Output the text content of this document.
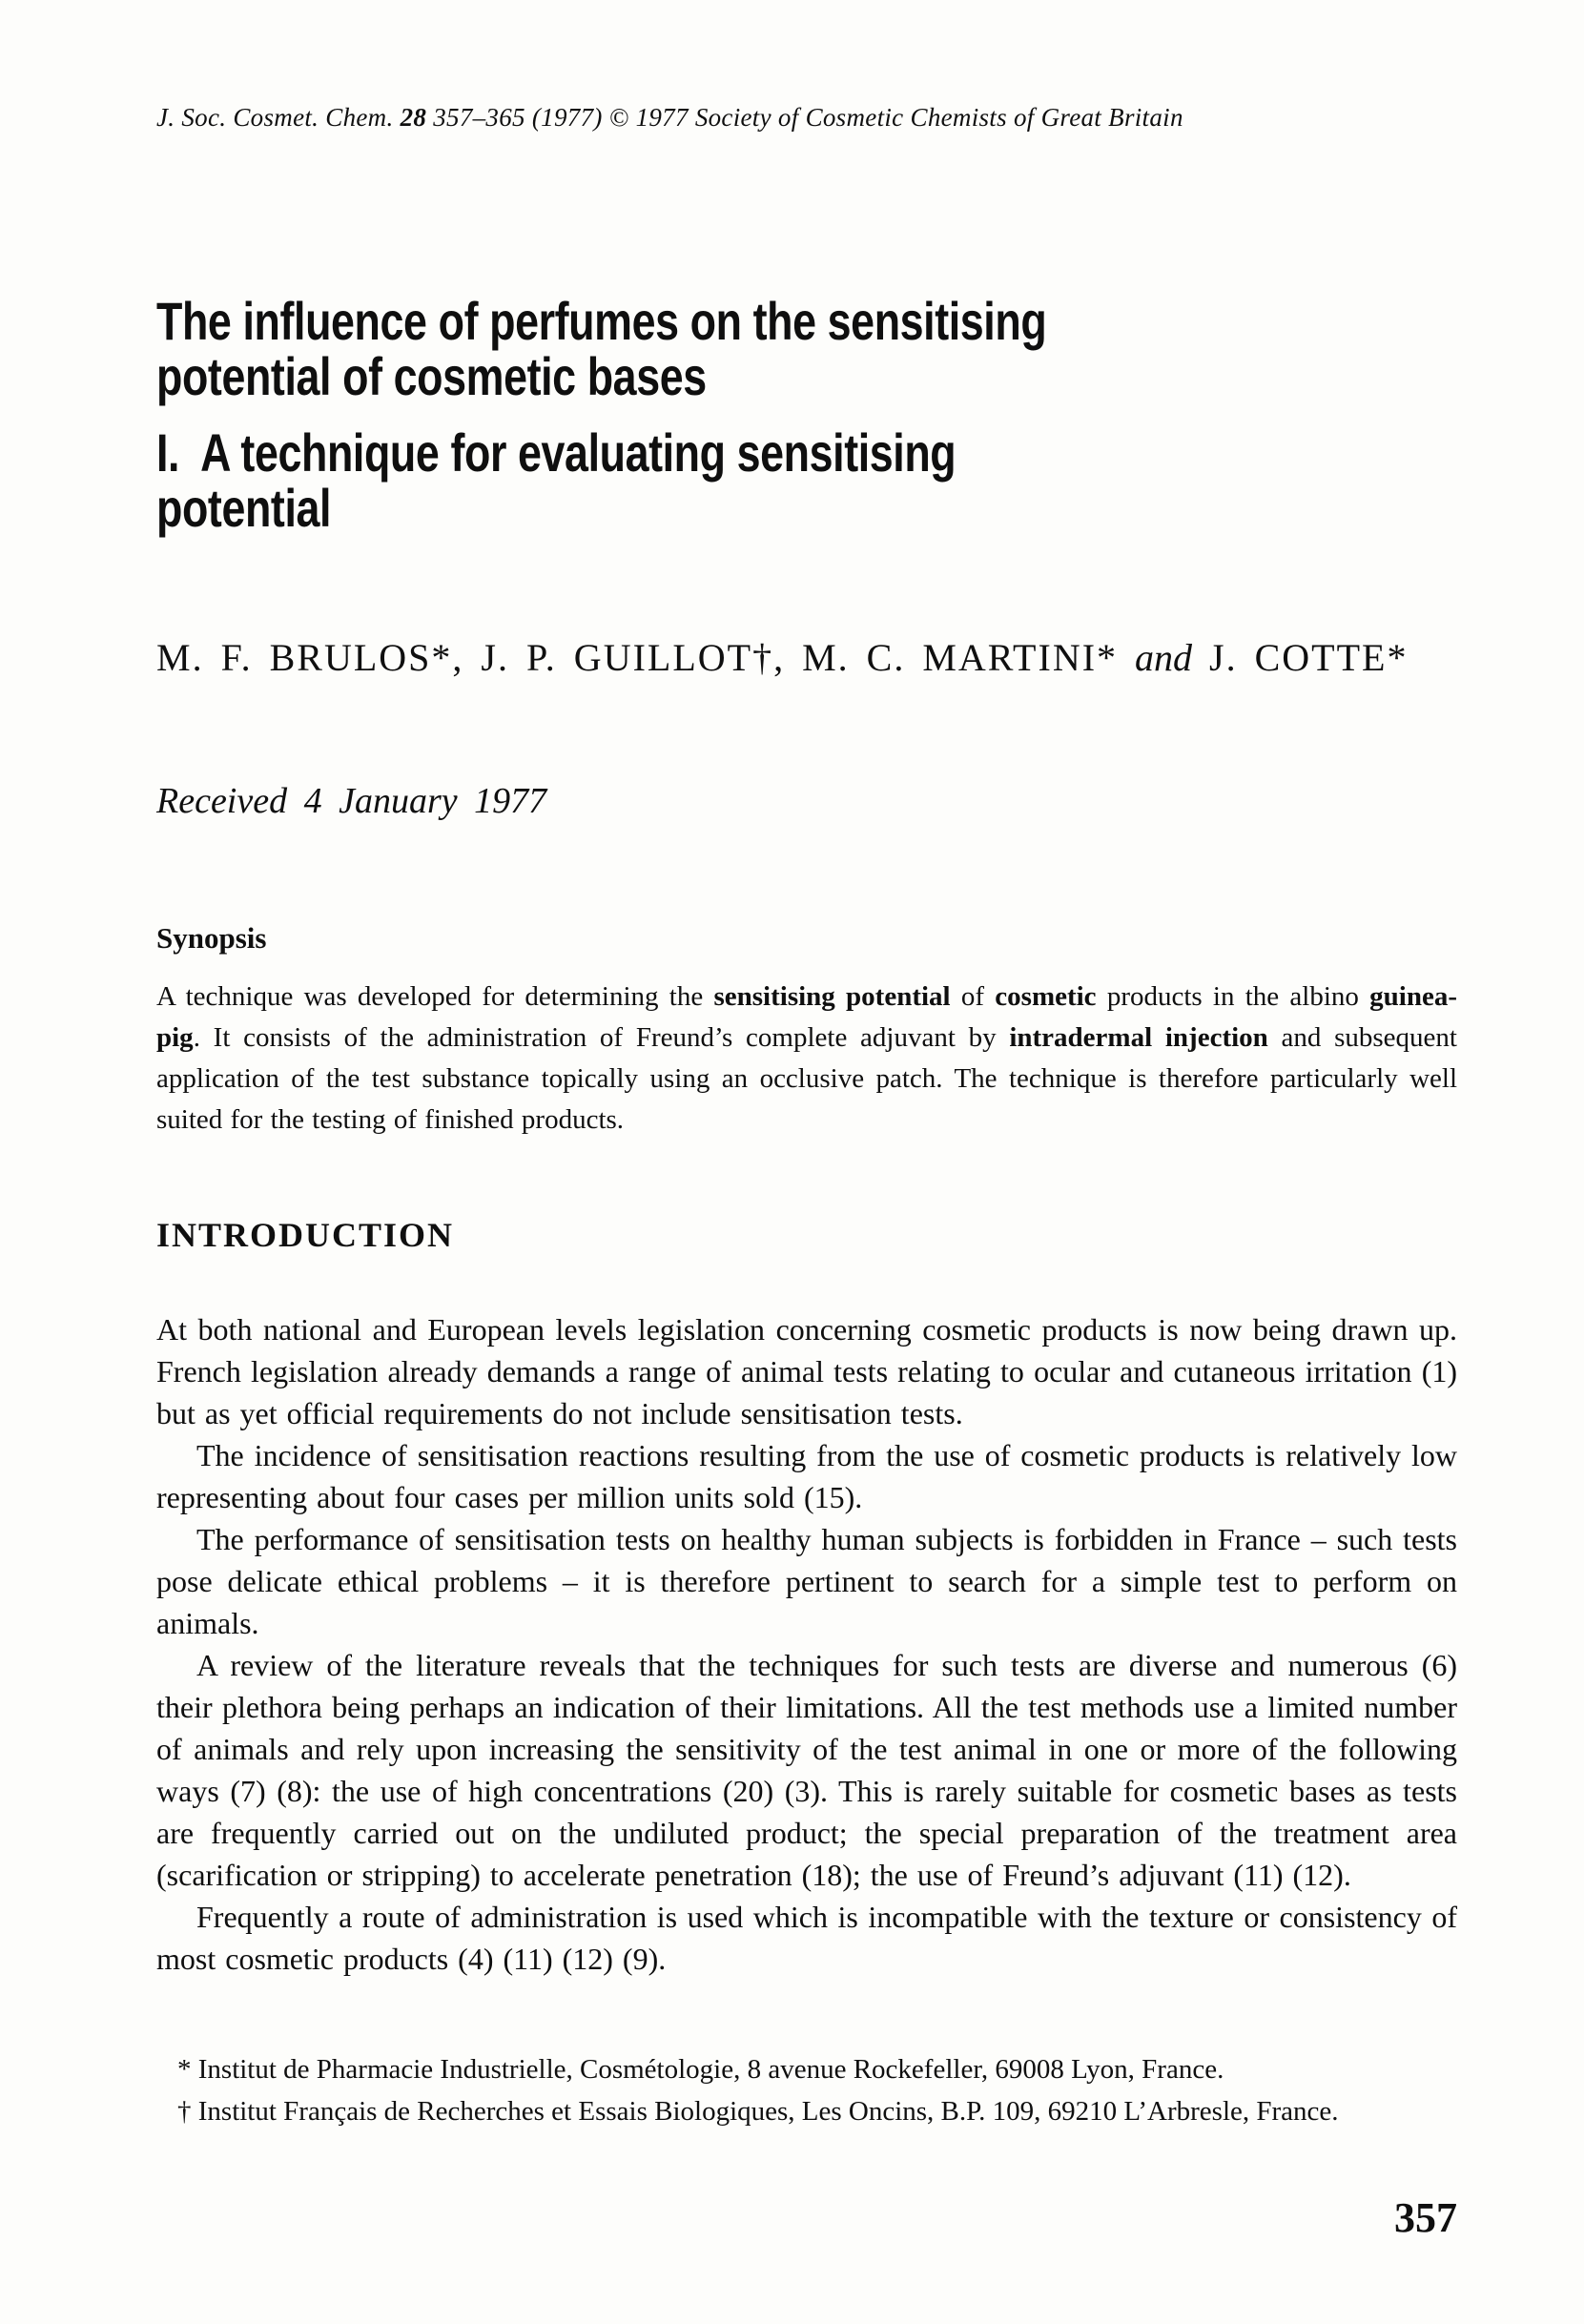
J. Soc. Cosmet. Chem. 28 357–365 (1977) © 1977 Society of Cosmetic Chemists of Great Britain
The influence of perfumes on the sensitising
potential of cosmetic bases
I. A technique for evaluating sensitising
potential
M. F. BRULOS*, J. P. GUILLOT†, M. C. MARTINI* and J. COTTE*
Received 4 January 1977
Synopsis
A technique was developed for determining the sensitising potential of cosmetic products in the albino guinea-pig. It consists of the administration of Freund’s complete adjuvant by intradermal injection and subsequent application of the test substance topically using an occlusive patch. The technique is therefore particularly well suited for the testing of finished products.
INTRODUCTION

At both national and European levels legislation concerning cosmetic products is now being drawn up. French legislation already demands a range of animal tests relating to ocular and cutaneous irritation (1) but as yet official requirements do not include sensitisation tests.

The incidence of sensitisation reactions resulting from the use of cosmetic products is relatively low representing about four cases per million units sold (15).

The performance of sensitisation tests on healthy human subjects is forbidden in France – such tests pose delicate ethical problems – it is therefore pertinent to search for a simple test to perform on animals.

A review of the literature reveals that the techniques for such tests are diverse and numerous (6) their plethora being perhaps an indication of their limitations. All the test methods use a limited number of animals and rely upon increasing the sensitivity of the test animal in one or more of the following ways (7) (8): the use of high concentrations (20) (3). This is rarely suitable for cosmetic bases as tests are frequently carried out on the undiluted product; the special preparation of the treatment area (scarification or stripping) to accelerate penetration (18); the use of Freund’s adjuvant (11) (12).

Frequently a route of administration is used which is incompatible with the texture or consistency of most cosmetic products (4) (11) (12) (9).

* Institut de Pharmacie Industrielle, Cosmétologie, 8 avenue Rockefeller, 69008 Lyon, France.

† Institut Français de Recherches et Essais Biologiques, Les Oncins, B.P. 109, 69210 L’Arbresle, France.

357
